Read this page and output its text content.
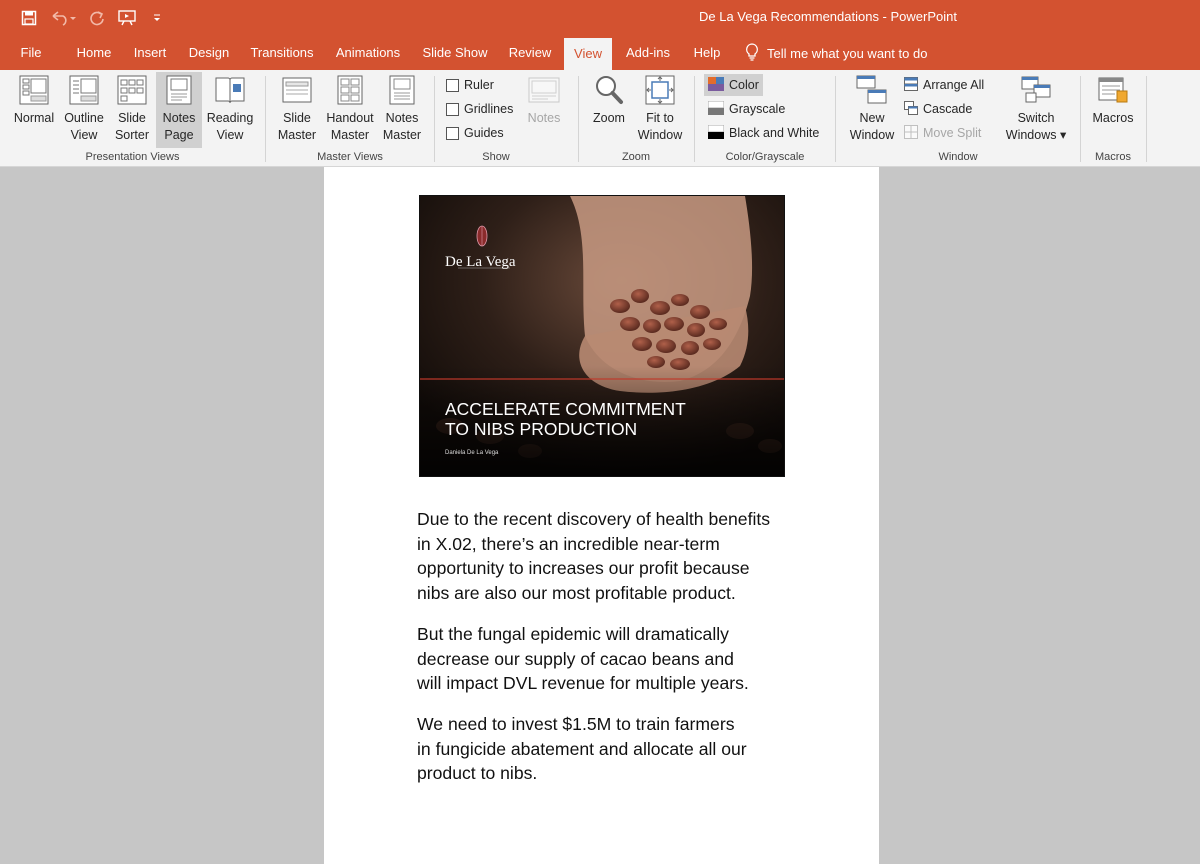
De La Vega Recommendations - PowerPoint
File	Home	Insert	Design	Transitions	Animations	Slide Show	Review	View	Add-ins	Help	Tell me what you want to do
Normal Outline
View
Slide
Sorter
Notes
Page
Reading
View
Presentation Views
Slide
Master
Handout
Master
Notes
Master
Master Views
Ruler
Gridlines
Guides
Notes
Show
Zoom	Fit to
Window
Zoom
Color
Grayscale
Black and White
Color/Grayscale
New
Window
Arrange All
Cascade
Move Split
Switch
Windows ▾
Window
Macros
Macros
De La Vega
ACCELERATE COMMITMENT
TO NIBS PRODUCTION
Daniela De La Vega

Due to the recent discovery of health benefits
in X.02, there’s an incredible near-term
opportunity to increases our profit because
nibs are also our most profitable product.

But the fungal epidemic will dramatically
decrease our supply of cacao beans and
will impact DVL revenue for multiple years.

We need to invest $1.5M to train farmers
in fungicide abatement and allocate all our
product to nibs.
